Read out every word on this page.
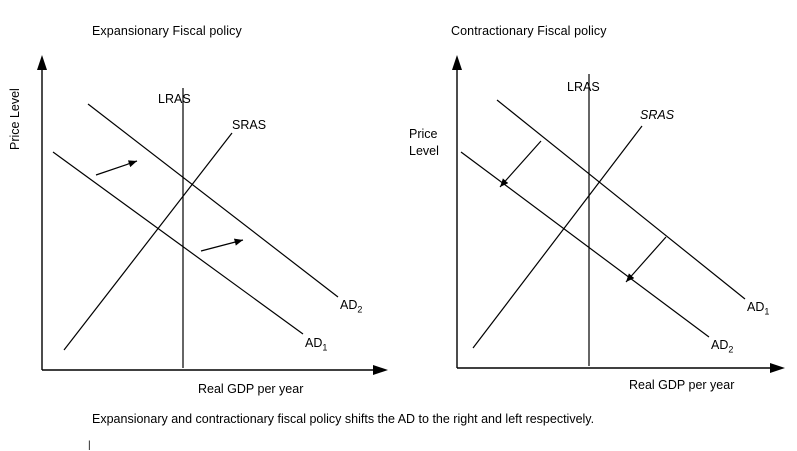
Expansionary Fiscal policy
Price Level	LRAS
SRAS
$AD_2$
$AD_1$
Real GDP per year
Contractionary Fiscal policy
Price
Level
LRAS
SRAS
$AD_1$
$AD_2$
Real GDP per year
Expansionary and contractionary fiscal policy shifts the AD to the right and left respectively.
|
